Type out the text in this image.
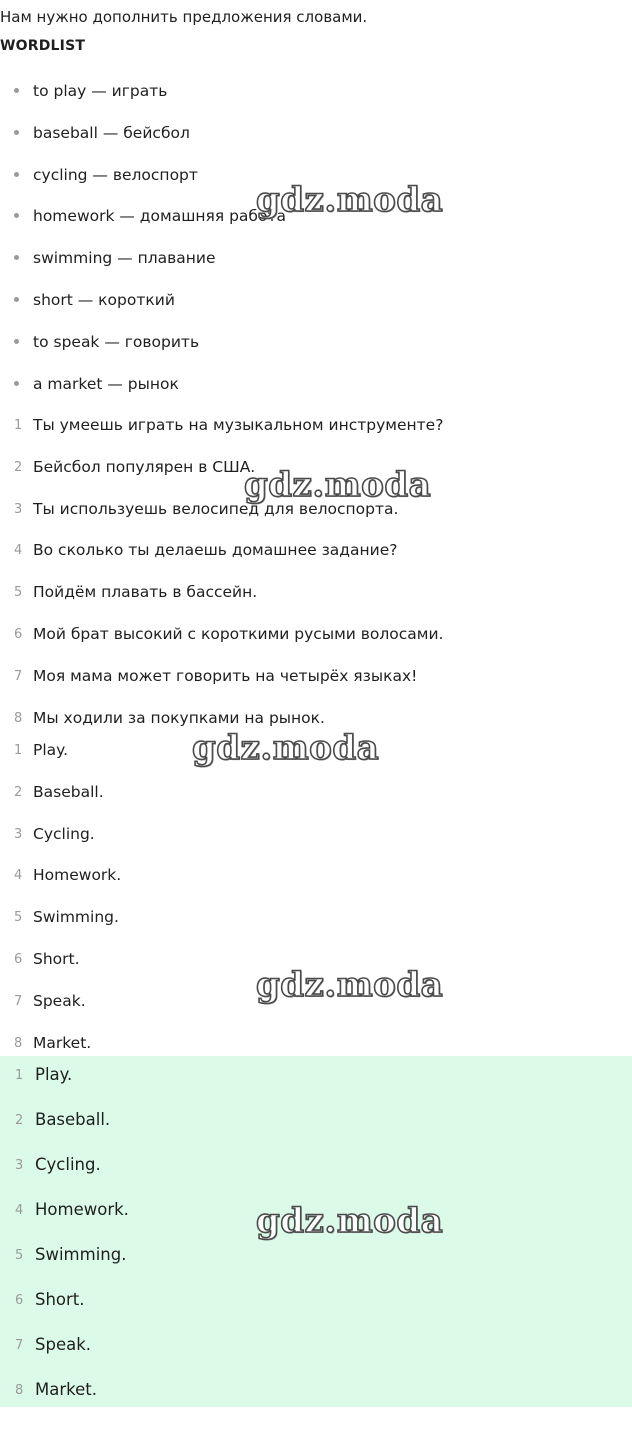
Нам нужно дополнить предложения словами.
WORDLIST
to play — играть
baseball — бейсбол
cycling — велоспорт
homework — домашняя работа
swimming — плавание
short — короткий
to speak — говорить
a market — рынок
1 Ты умеешь играть на музыкальном инструменте?
2 Бейсбол популярен в США.
3 Ты используешь велосипед для велоспорта.
4 Во сколько ты делаешь домашнее задание?
5 Пойдём плавать в бассейн.
6 Мой брат высокий с короткими русыми волосами.
7 Моя мама может говорить на четырёх языках!
8 Мы ходили за покупками на рынок.
1 Play.
2 Baseball.
3 Cycling.
4 Homework.
5 Swimming.
6 Short.
7 Speak.
8 Market.
1 Play.
2 Baseball.
3 Cycling.
4 Homework.
5 Swimming.
6 Short.
7 Speak.
8 Market.
gdz.moda
gdz.moda
gdz.moda
gdz.moda
gdz.moda
